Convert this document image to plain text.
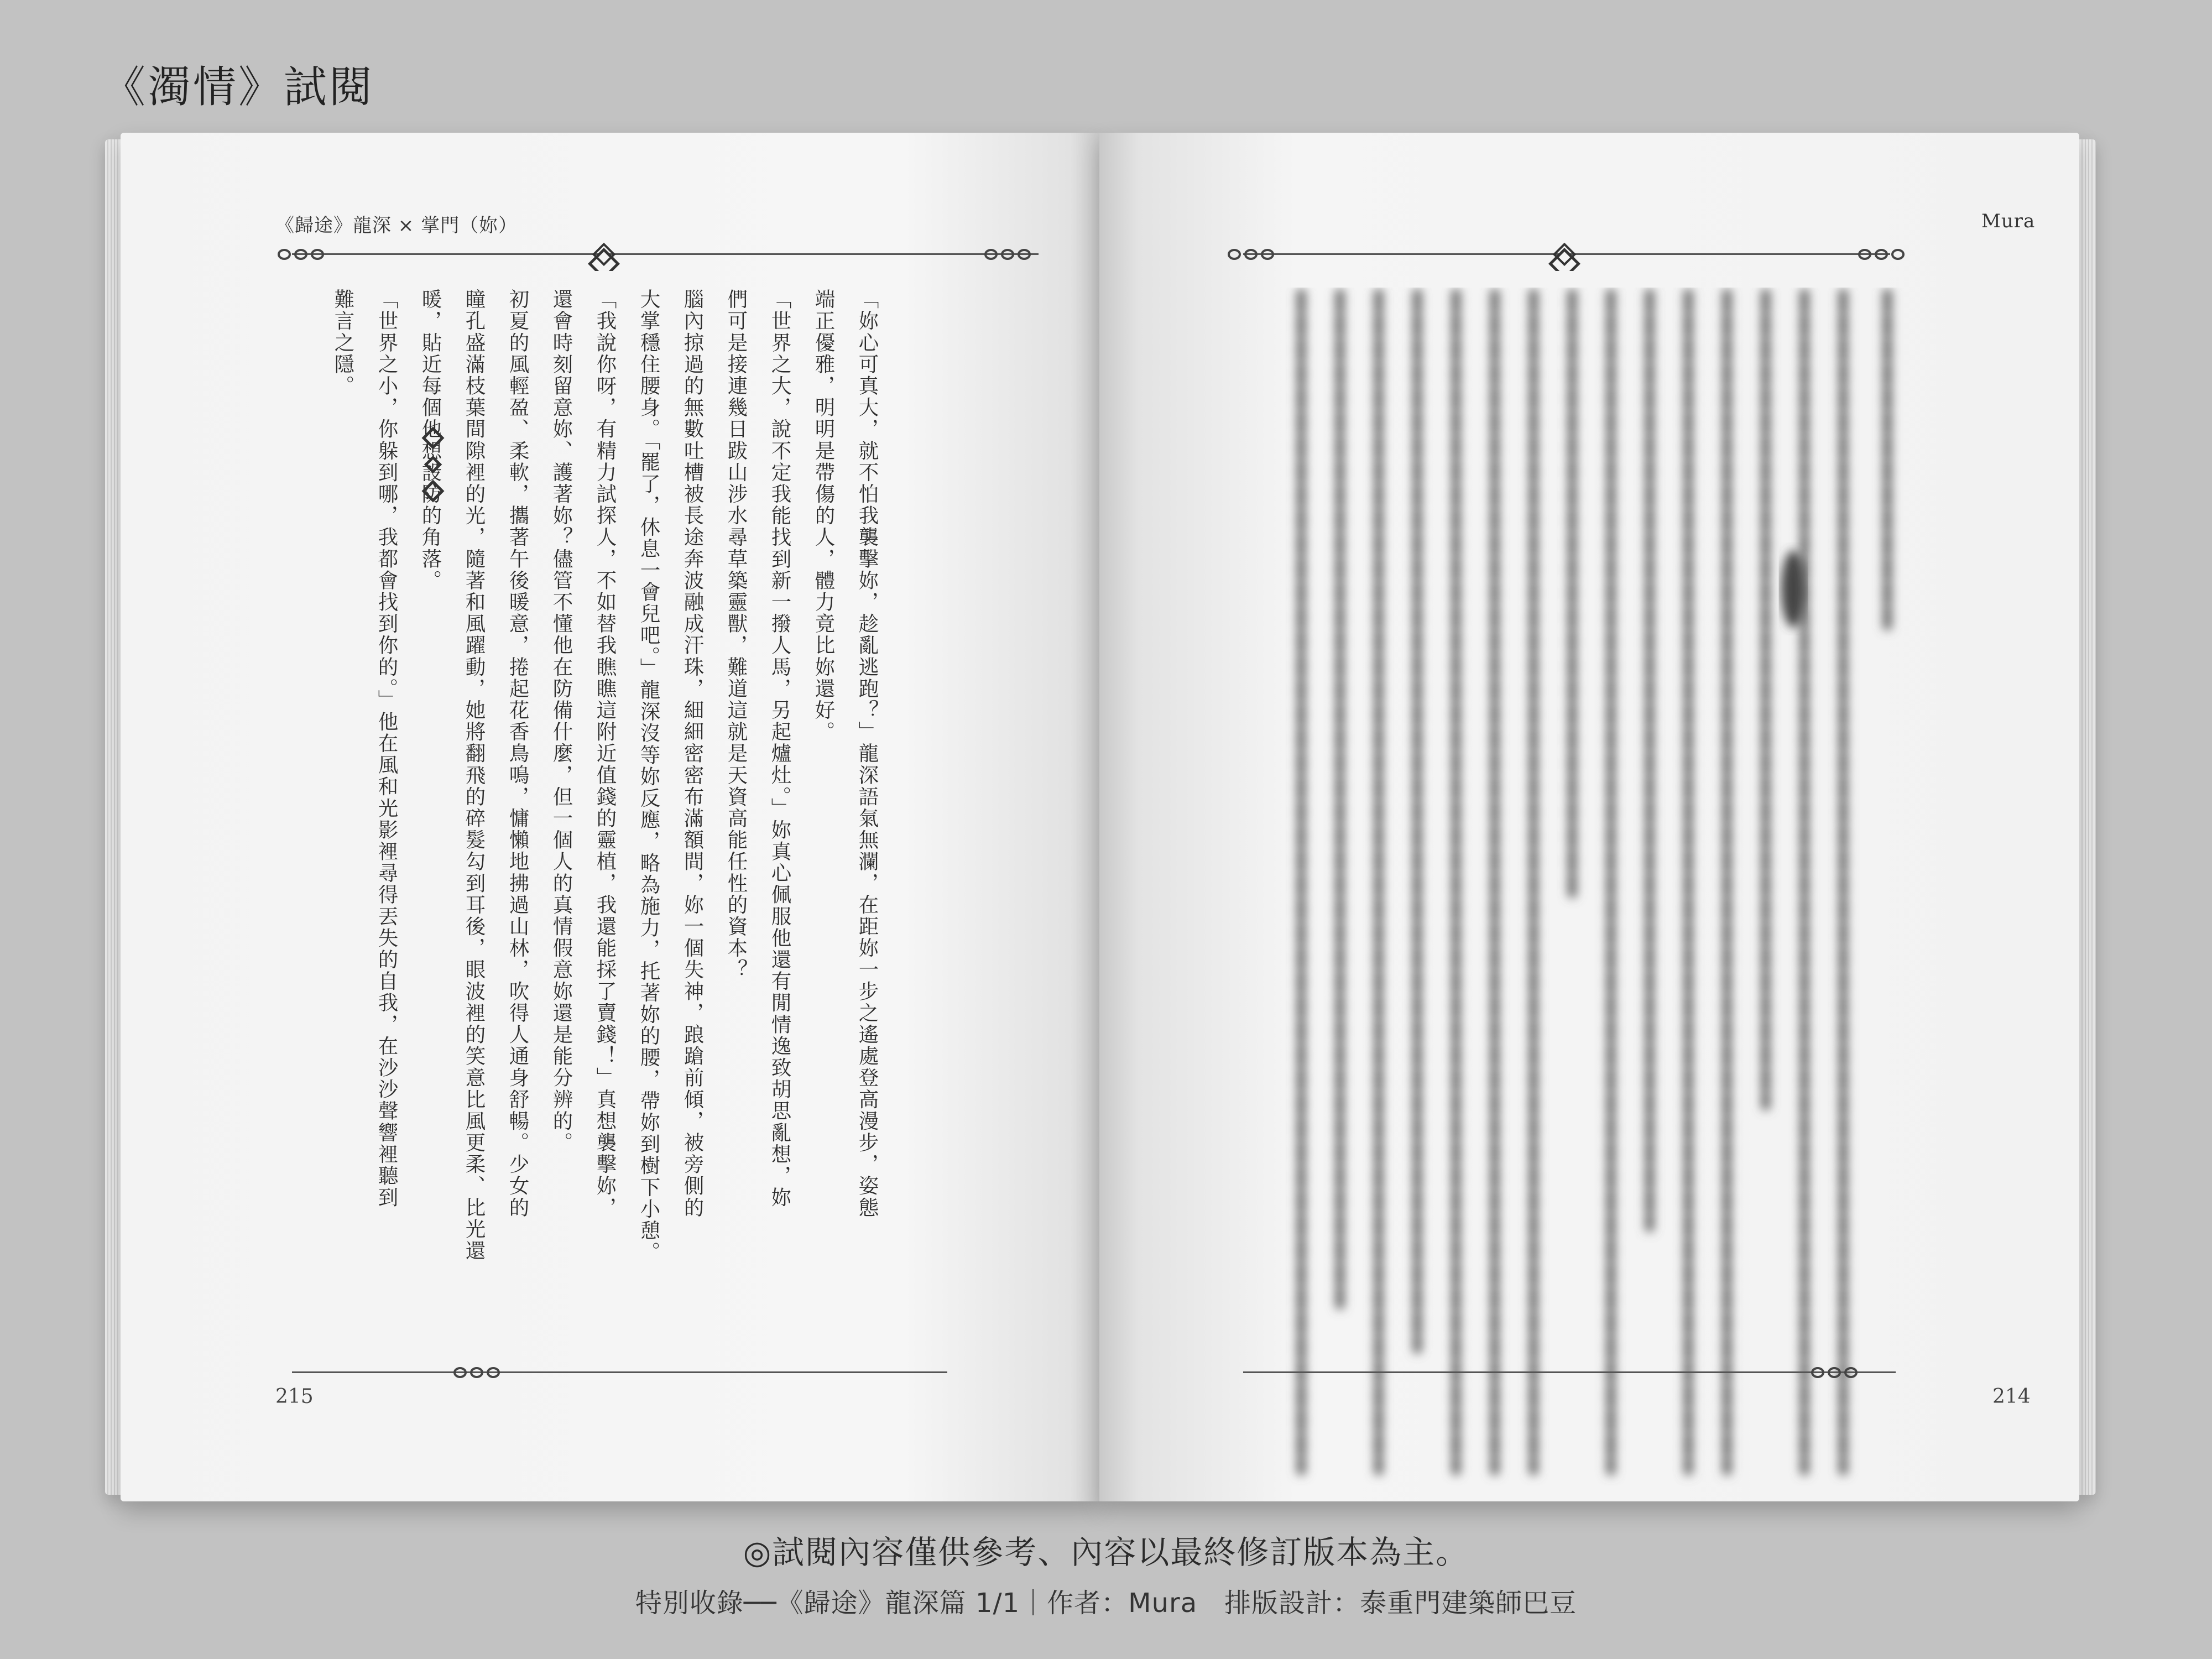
《濁情》試閱
《歸途》龍深 × 掌門（妳）

「妳心可真大，就不怕我襲擊妳，趁亂逃跑？」龍深語氣無瀾，在距妳一步之遙處登高漫步，姿態

端正優雅，明明是帶傷的人，體力竟比妳還好。

「世界之大，說不定我能找到新一撥人馬，另起爐灶。」妳真心佩服他還有閒情逸致胡思亂想，妳

們可是接連幾日跋山涉水尋草築靈獸，難道這就是天資高能任性的資本？

腦內掠過的無數吐槽被長途奔波融成汗珠，細細密密布滿額間，妳一個失神，踉蹌前傾，被旁側的

大掌穩住腰身。「罷了，休息一會兒吧。」龍深沒等妳反應，略為施力，托著妳的腰，帶妳到樹下小憩。

「我說你呀，有精力試探人，不如替我瞧瞧這附近值錢的靈植，我還能採了賣錢！」真想襲擊妳，

還會時刻留意妳、護著妳？儘管不懂他在防備什麼，但一個人的真情假意妳還是能分辨的。

初夏的風輕盈、柔軟，攜著午後暖意，捲起花香鳥鳴，慵懶地拂過山林，吹得人通身舒暢。少女的

瞳孔盛滿枝葉間隙裡的光，隨著和風躍動，她將翻飛的碎髮勾到耳後，眼波裡的笑意比風更柔、比光還

暖，貼近每個他想設防的角落。

「世界之小，你躲到哪，我都會找到你的。」他在風和光影裡尋得丟失的自我，在沙沙聲響裡聽到

難言之隱。

215
Mura
214
◎試閱內容僅供參考、內容以最終修訂版本為主。
特別收錄──《歸途》龍深篇 1/1｜作者：Mura　排版設計：泰重門建築師巴豆
